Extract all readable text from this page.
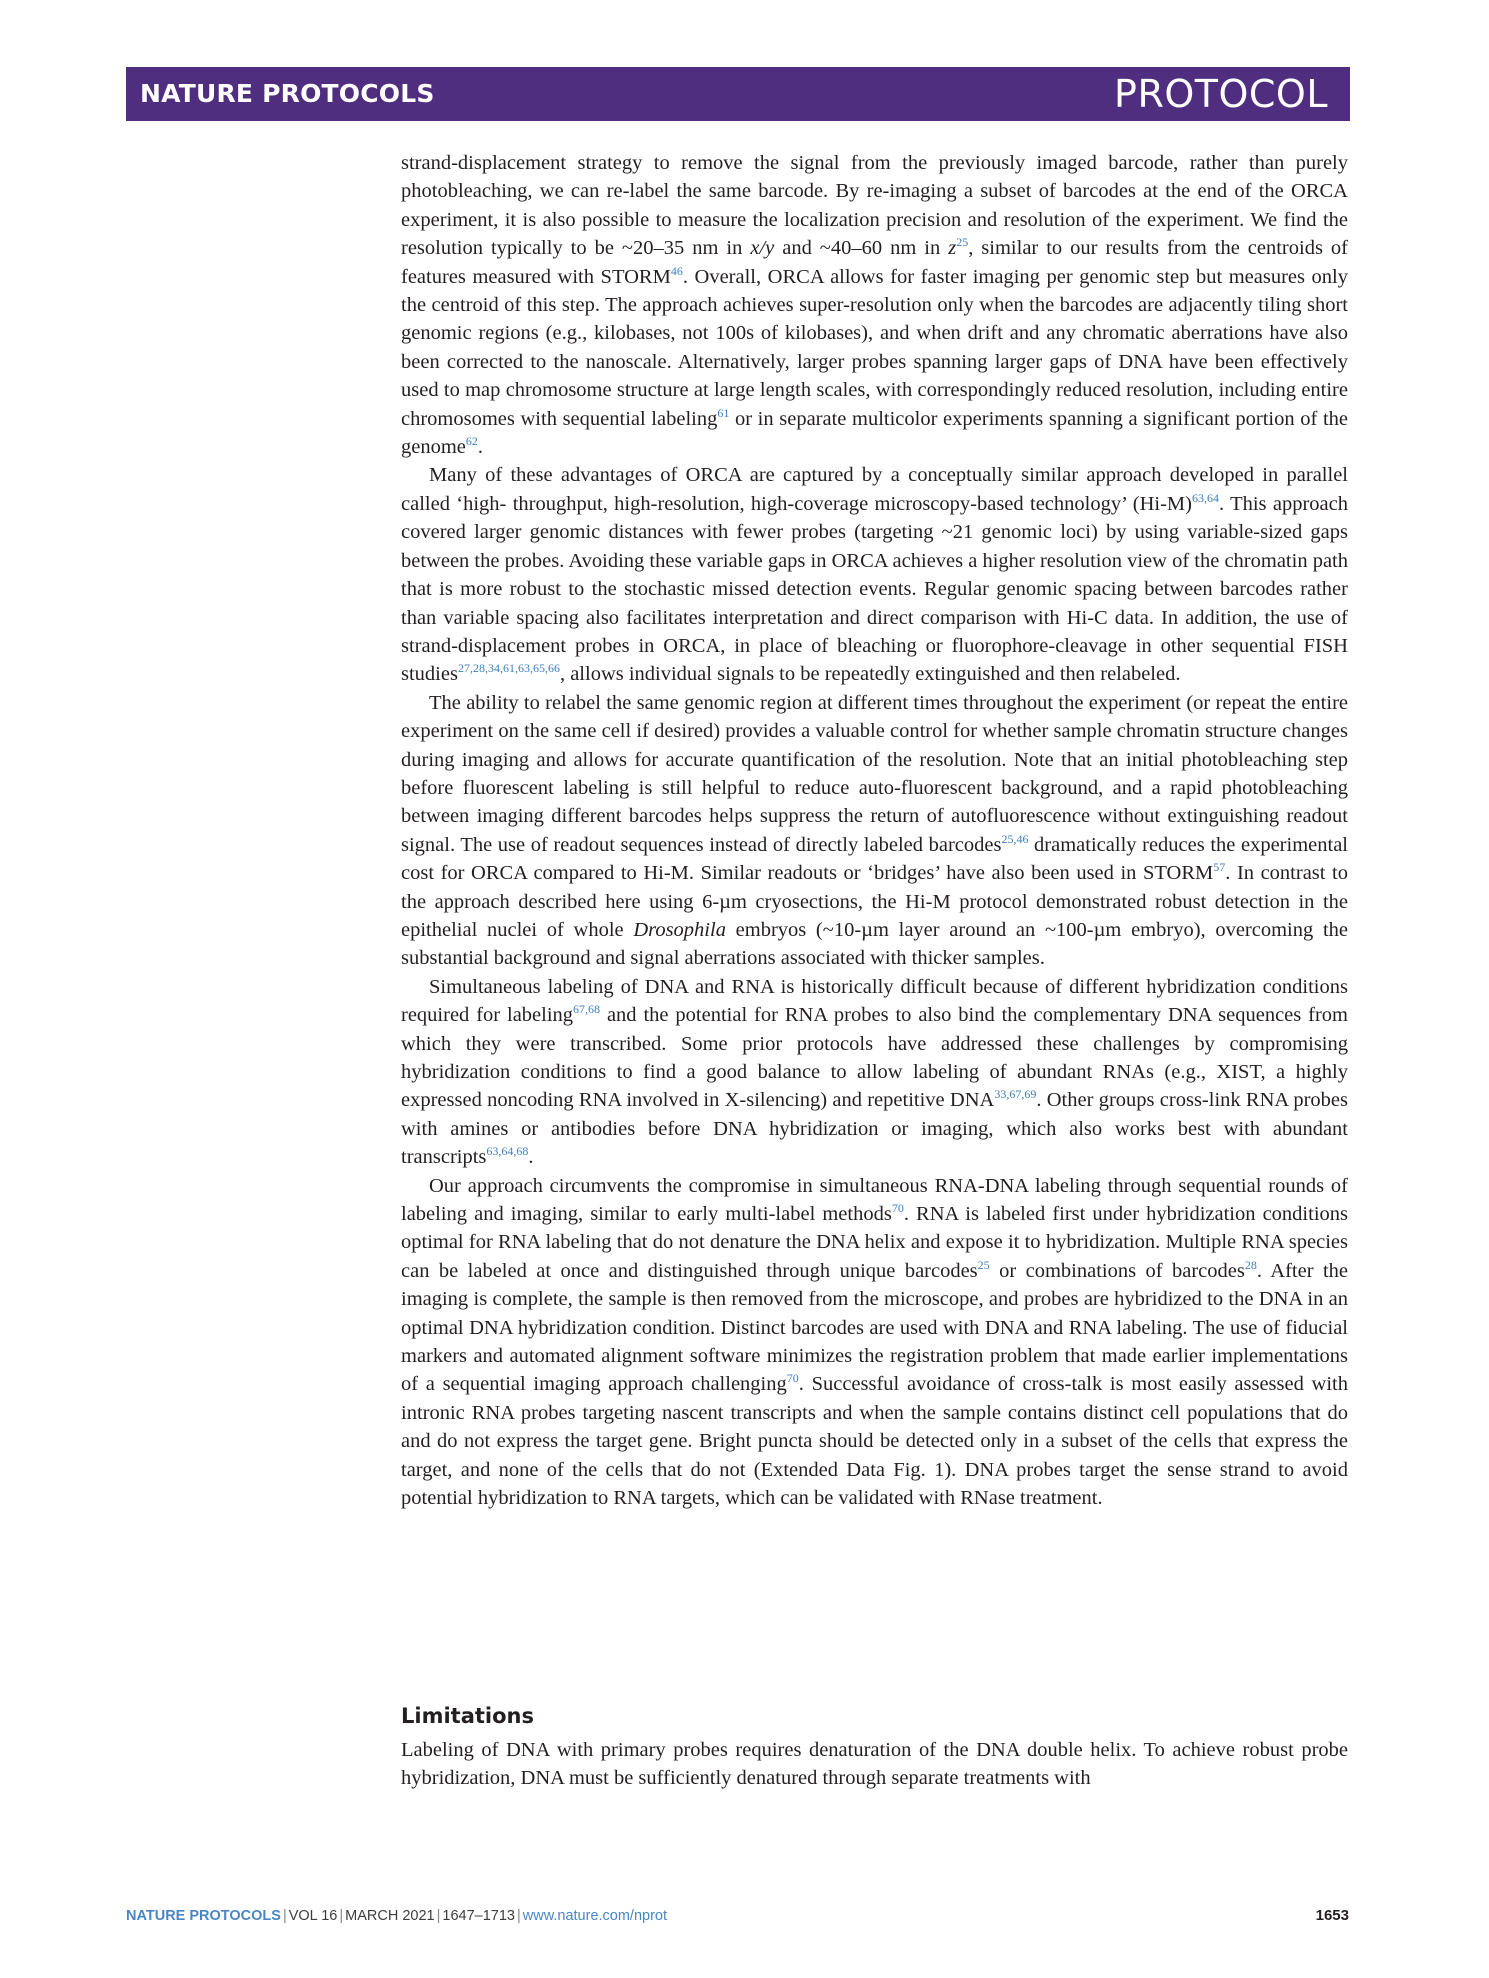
NATURE PROTOCOLS	PROTOCOL

strand-displacement strategy to remove the signal from the previously imaged barcode, rather than purely photobleaching, we can re-label the same barcode. By re-imaging a subset of barcodes at the end of the ORCA experiment, it is also possible to measure the localization precision and resolution of the experiment. We find the resolution typically to be ~20–35 nm in x/y and ~40–60 nm in $z^{25}$, similar to our results from the centroids of features measured with STORM$^{46}$. Overall, ORCA allows for faster imaging per genomic step but measures only the centroid of this step. The approach achieves super-resolution only when the barcodes are adjacently tiling short genomic regions (e.g., kilobases, not 100s of kilobases), and when drift and any chromatic aberrations have also been corrected to the nanoscale. Alternatively, larger probes spanning larger gaps of DNA have been effectively used to map chromosome structure at large length scales, with correspondingly reduced resolution, including entire chromosomes with sequential labeling$^{61}$ or in separate multicolor experiments spanning a significant portion of the genome$^{62}$.

Many of these advantages of ORCA are captured by a conceptually similar approach developed in parallel called ‘high- throughput, high-resolution, high-coverage microscopy-based technology’ $(Hi-M)^{63,64}$. This approach covered larger genomic distances with fewer probes (targeting ~21 genomic loci) by using variable-sized gaps between the probes. Avoiding these variable gaps in ORCA achieves a higher resolution view of the chromatin path that is more robust to the stochastic missed detection events. Regular genomic spacing between barcodes rather than variable spacing also facilitates interpretation and direct comparison with Hi-C data. In addition, the use of strand-displacement probes in ORCA, in place of bleaching or fluorophore-cleavage in other sequential FISH studies$^{27,28,34,61,63,65,66}$, allows individual signals to be repeatedly extinguished and then relabeled.

The ability to relabel the same genomic region at different times throughout the experiment (or repeat the entire experiment on the same cell if desired) provides a valuable control for whether sample chromatin structure changes during imaging and allows for accurate quantification of the resolution. Note that an initial photobleaching step before fluorescent labeling is still helpful to reduce auto-fluorescent background, and a rapid photobleaching between imaging different barcodes helps suppress the return of autofluorescence without extinguishing readout signal. The use of readout sequences instead of directly labeled barcodes$^{25,46}$ dramatically reduces the experimental cost for ORCA compared to Hi-M. Similar readouts or ‘bridges’ have also been used in STORM$^{57}$. In contrast to the approach described here using 6-µm cryosections, the Hi-M protocol demonstrated robust detection in the epithelial nuclei of whole Drosophila embryos (~10-µm layer around an ~100-µm embryo), overcoming the substantial background and signal aberrations associated with thicker samples.

Simultaneous labeling of DNA and RNA is historically difficult because of different hybridization conditions required for labeling$^{67,68}$ and the potential for RNA probes to also bind the complementary DNA sequences from which they were transcribed. Some prior protocols have addressed these challenges by compromising hybridization conditions to find a good balance to allow labeling of abundant RNAs (e.g., XIST, a highly expressed noncoding RNA involved in X-silencing) and repetitive DNA$^{33,67,69}$. Other groups cross-link RNA probes with amines or antibodies before DNA hybridization or imaging, which also works best with abundant transcripts$^{63,64,68}$.

Our approach circumvents the compromise in simultaneous RNA-DNA labeling through sequential rounds of labeling and imaging, similar to early multi-label methods$^{70}$. RNA is labeled first under hybridization conditions optimal for RNA labeling that do not denature the DNA helix and expose it to hybridization. Multiple RNA species can be labeled at once and distinguished through unique barcodes$^{25}$ or combinations of barcodes$^{28}$. After the imaging is complete, the sample is then removed from the microscope, and probes are hybridized to the DNA in an optimal DNA hybridization condition. Distinct barcodes are used with DNA and RNA labeling. The use of fiducial markers and automated alignment software minimizes the registration problem that made earlier implementations of a sequential imaging approach challenging$^{70}$. Successful avoidance of cross-talk is most easily assessed with intronic RNA probes targeting nascent transcripts and when the sample contains distinct cell populations that do and do not express the target gene. Bright puncta should be detected only in a subset of the cells that express the target, and none of the cells that do not (Extended Data Fig. 1). DNA probes target the sense strand to avoid potential hybridization to RNA targets, which can be validated with RNase treatment.

Limitations

Labeling of DNA with primary probes requires denaturation of the DNA double helix. To achieve robust probe hybridization, DNA must be sufficiently denatured through separate treatments with

NATURE PROTOCOLS | VOL 16 | MARCH 2021 | 1647–1713 | www.nature.com/nprot	1653
